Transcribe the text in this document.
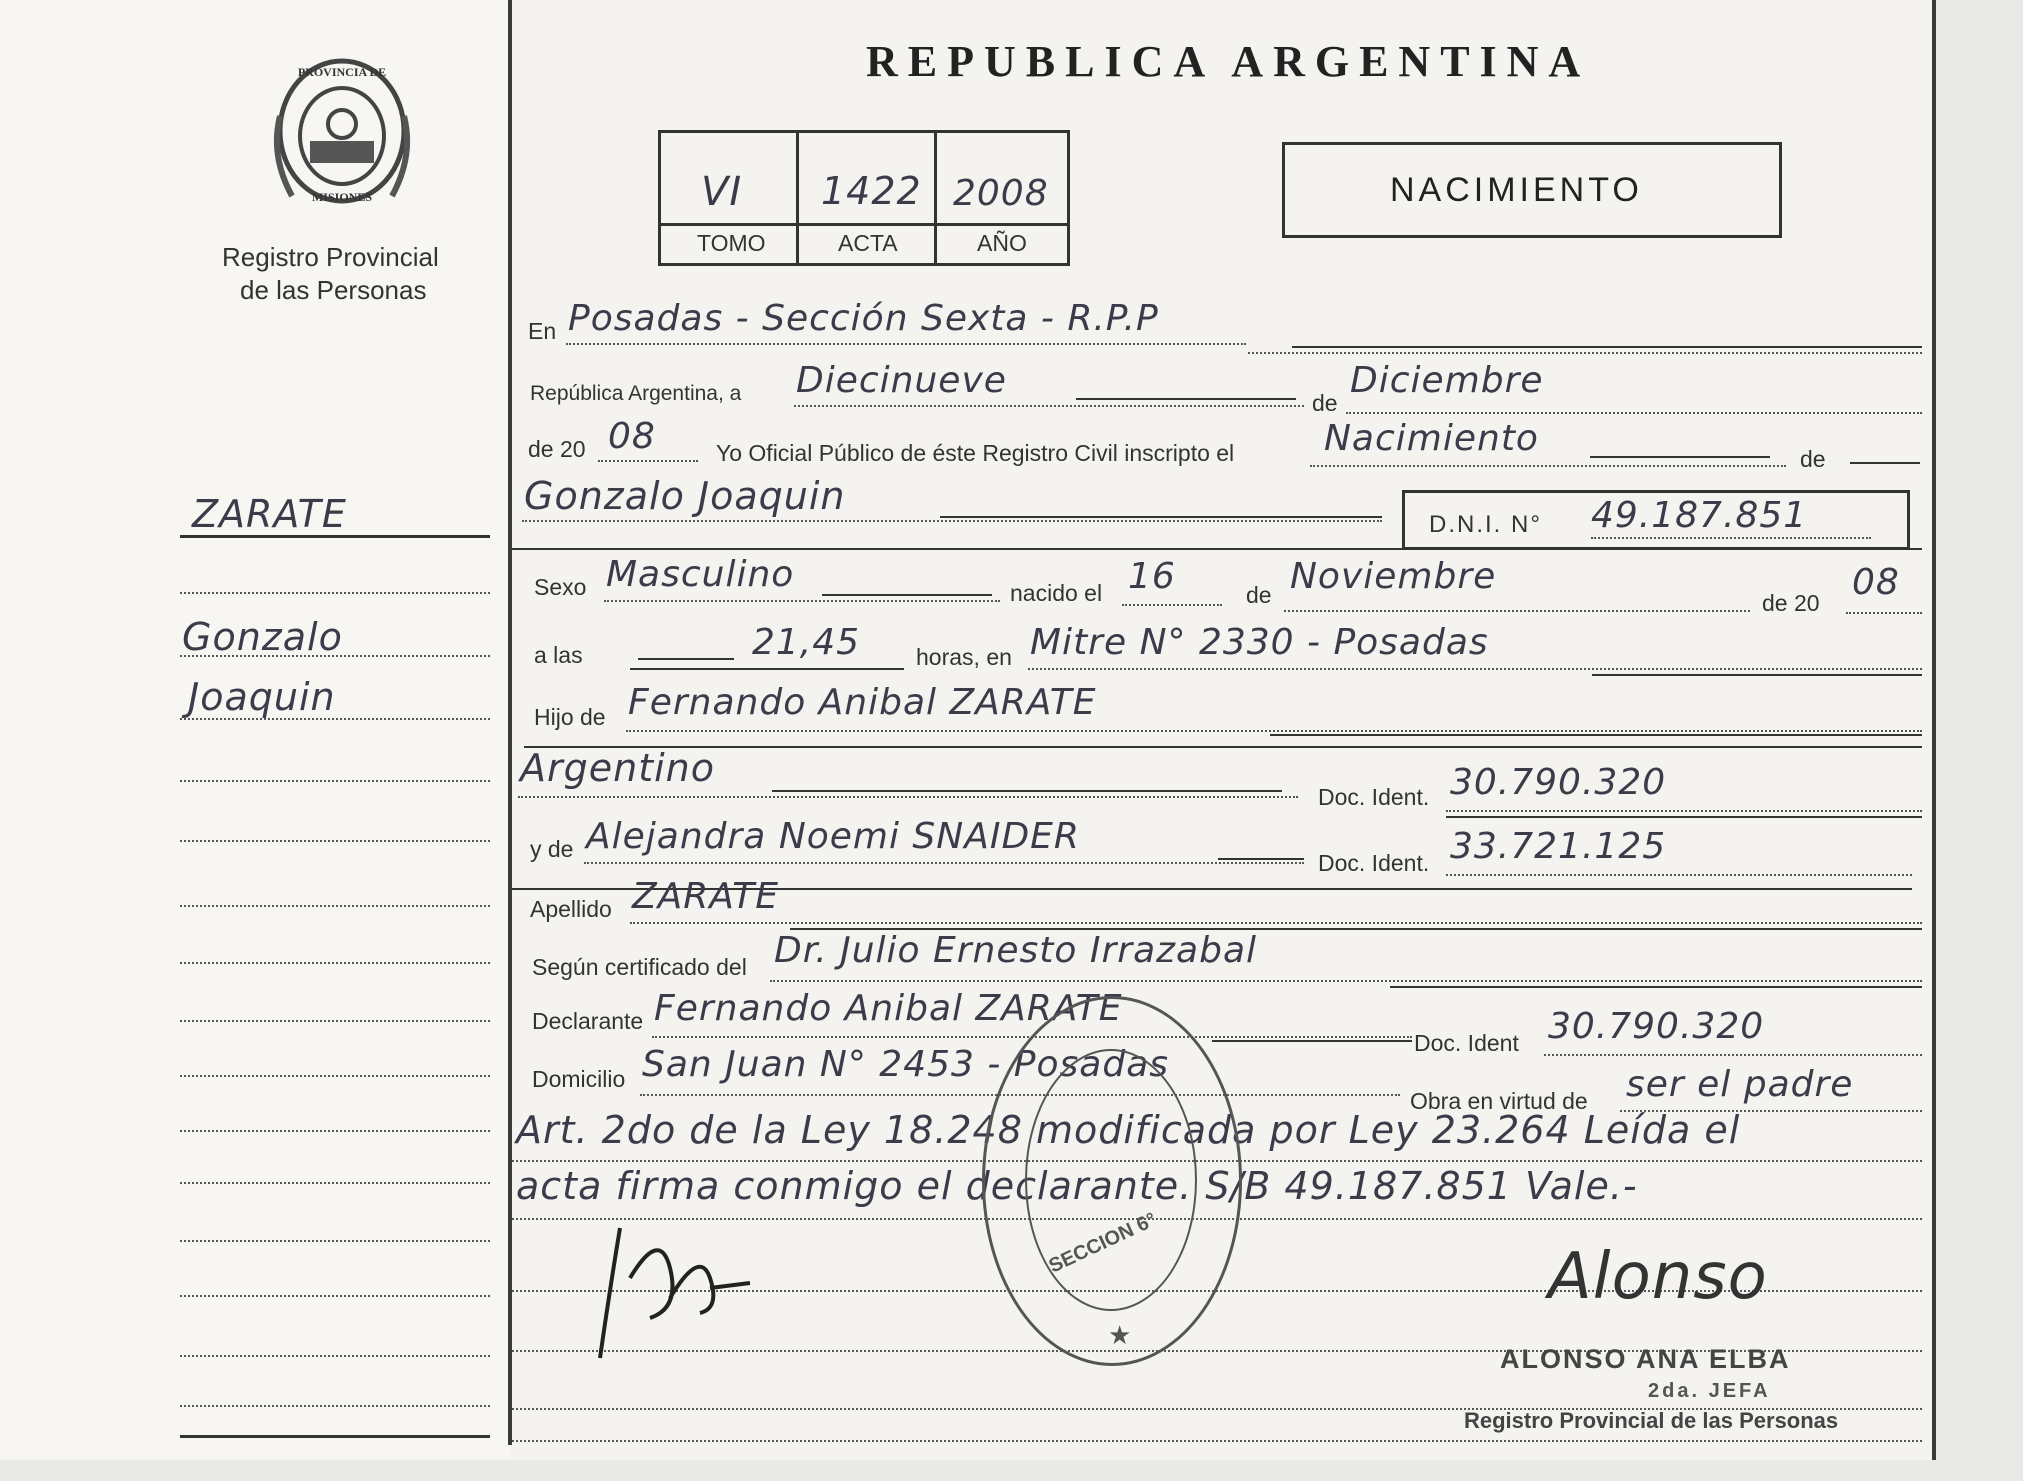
PROVINCIA DE
MISIONES
Registro Provincial
de las Personas
ZARATE
Gonzalo
Joaquin
REPUBLICA ARGENTINA
VI 1422 2008
TOMO	ACTA	AÑO
NACIMIENTO
En Posadas - Sección Sexta - R.P.P
República Argentina, a Diecinueve
de
Diciembre
de 20 08	Yo Oficial Público de éste Registro Civil inscripto el Nacimiento	de
Gonzalo Joaquin
D.N.I. N° 49.187.851
Sexo Masculino	nacido el 16	de Noviembre
de 20 08
a las	21,45 horas, en Mitre N° 2330 - Posadas
Hijo de Fernando Anibal ZARATE
Argentino
Doc. Ident. 30.790.320
y de Alejandra Noemi SNAIDER
Doc. Ident. 33.721.125
Apellido ZARATE
Según certificado del Dr. Julio Ernesto Irrazabal
Declarante Fernando Anibal ZARATE
Doc. Ident 30.790.320
Domicilio San Juan N° 2453 - Posadas
Obra en virtud de ser el padre
Art. 2do de la Ley 18.248 modificada por Ley 23.264 Leída el
acta firma conmigo el declarante. S/B 49.187.851 Vale.-
SECCION 6°
★
Alonso
ALONSO ANA ELBA
2da. JEFA
Registro Provincial de las Personas
